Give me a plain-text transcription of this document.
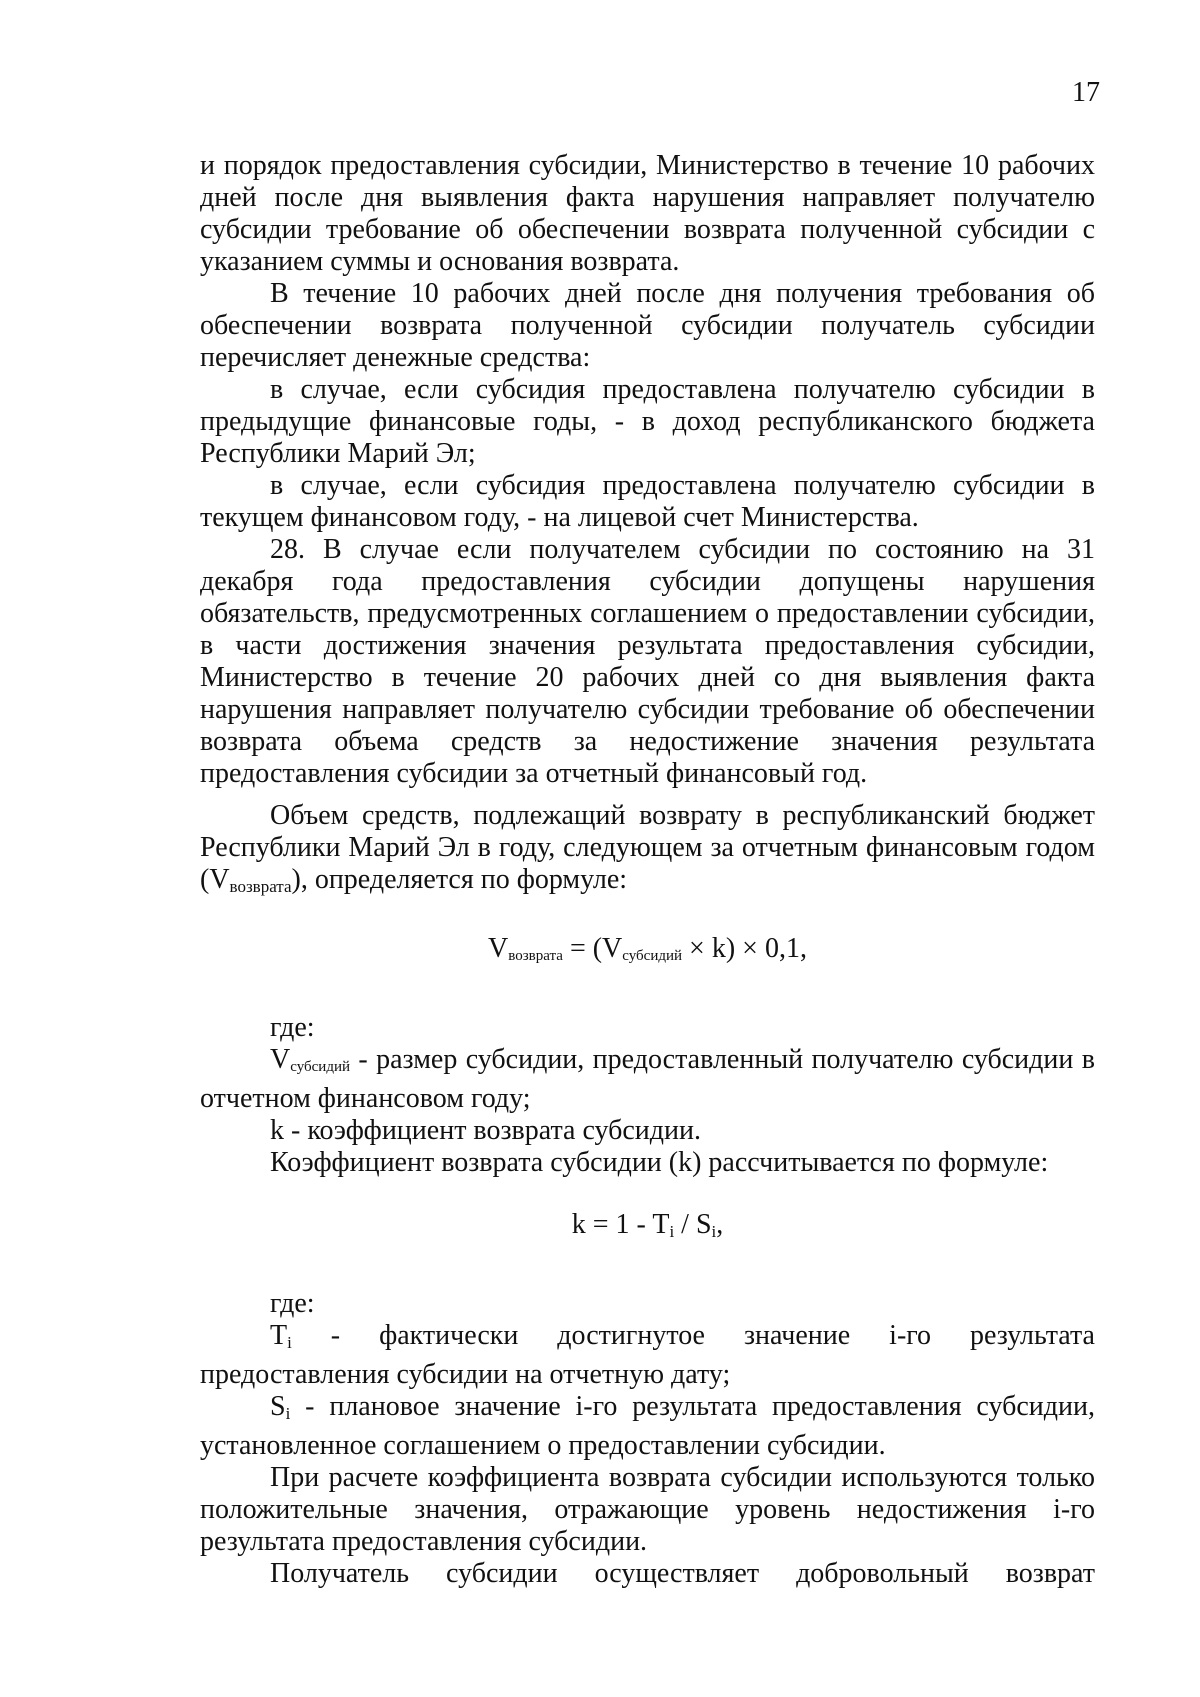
17

и порядок предоставления субсидии, Министерство в течение 10 рабочих дней после дня выявления факта нарушения направляет получателю субсидии требование об обеспечении возврата полученной субсидии с указанием суммы и основания возврата.

В течение 10 рабочих дней после дня получения требования об обеспечении возврата полученной субсидии получатель субсидии перечисляет денежные средства:

в случае, если субсидия предоставлена получателю субсидии в предыдущие финансовые годы, - в доход республиканского бюджета Республики Марий Эл;

в случае, если субсидия предоставлена получателю субсидии в текущем финансовом году, - на лицевой счет Министерства.

28. В случае если получателем субсидии по состоянию на 31 декабря года предоставления субсидии допущены нарушения обязательств, предусмотренных соглашением о предоставлении субсидии, в части достижения значения результата предоставления субсидии, Министерство в течение 20 рабочих дней со дня выявления факта нарушения направляет получателю субсидии требование об обеспечении возврата объема средств за недостижение значения результата предоставления субсидии за отчетный финансовый год.

Объем средств, подлежащий возврату в республиканский бюджет Республики Марий Эл в году, следующем за отчетным финансовым годом (Vвозврата), определяется по формуле:

$V_{возврата} = (V_{субсидий} \times k) \times 0,1$,

где:

$V_{субсидий}$ - размер субсидии, предоставленный получателю субсидии в отчетном финансовом году;

k - коэффициент возврата субсидии.

Коэффициент возврата субсидии (k) рассчитывается по формуле:

k = 1 - Ti / Si,

где:

Ti - фактически достигнутое значение i-го результата предоставления субсидии на отчетную дату;

Si - плановое значение i-го результата предоставления субсидии, установленное соглашением о предоставлении субсидии.

При расчете коэффициента возврата субсидии используются только положительные значения, отражающие уровень недостижения i-го результата предоставления субсидии.

Получатель субсидии осуществляет добровольный возврат
